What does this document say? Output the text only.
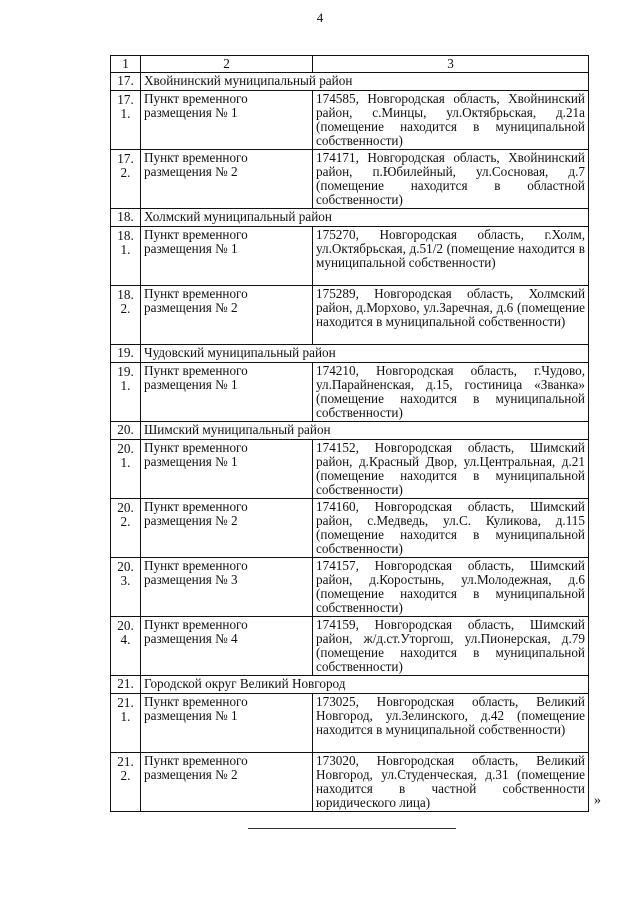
4
1	2	3
17.	Хвойнинский муниципальный район	
17.1.	Пункт временного размещения № 1	174585, Новгородская область, Хвойнинский район, с.Минцы, ул.Октябрьская, д.21а (помещение находится в муниципальной собственности)
17.2.	Пункт временного размещения № 2	174171, Новгородская область, Хвойнинский район, п.Юбилейный, ул.Сосновая, д.7 (помещение находится в областной собственности)
18.	Холмский муниципальный район	
18.1.	Пункт временного размещения № 1	175270, Новгородская область, г.Холм, ул.Октябрьская, д.51/2 (помещение находится в муниципальной собственности)
18.2.	Пункт временного размещения № 2	175289, Новгородская область, Холмский район, д.Морхово, ул.Заречная, д.6 (помещение находится в муниципальной собственности)
19.	Чудовский муниципальный район	
19.1.	Пункт временного размещения № 1	174210, Новгородская область, г.Чудово, ул.Парайненская, д.15, гостиница «Званка» (помещение находится в муниципальной собственности)
20.	Шимский муниципальный район	
20.1.	Пункт временного размещения № 1	174152, Новгородская область, Шимский район, д.Красный Двор, ул.Центральная, д.21 (помещение находится в муниципальной собственности)
20.2.	Пункт временного размещения № 2	174160, Новгородская область, Шимский район, с.Медведь, ул.С. Куликова, д.115 (помещение находится в муниципальной собственности)
20.3.	Пункт временного размещения № 3	174157, Новгородская область, Шимский район, д.Коростынь, ул.Молодежная, д.6 (помещение находится в муниципальной собственности)
20.4.	Пункт временного размещения № 4	174159, Новгородская область, Шимский район, ж/д.ст.Уторгош, ул.Пионерская, д.79 (помещение находится в муниципальной собственности)
21.	Городской округ Великий Новгород	
21.1.	Пункт временного размещения № 1	173025, Новгородская область, Великий Новгород, ул.Зелинского, д.42 (помещение находится в муниципальной собственности)
21.2.	Пункт временного размещения № 2	173020, Новгородская область, Великий Новгород, ул.Студенческая, д.31 (помещение находится в частной собственности юридического лица)	»
